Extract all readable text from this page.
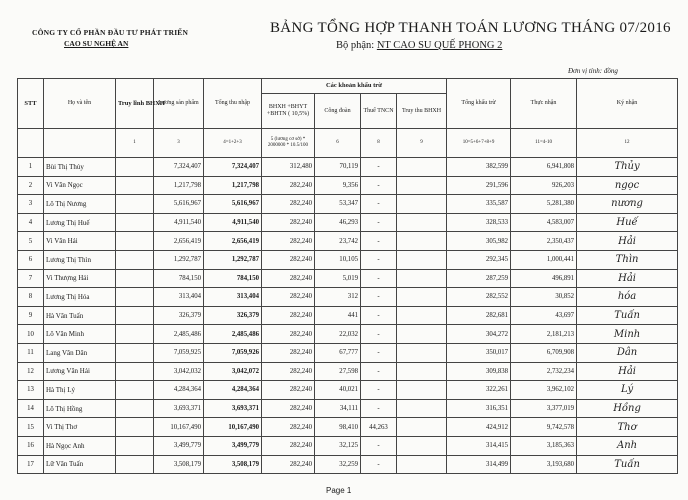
CÔNG TY CỔ PHẦN ĐẦU TƯ PHÁT TRIỂN
CAO SU NGHỆ AN
BẢNG TỔNG HỢP THANH TOÁN LƯƠNG THÁNG 07/2016
Bộ phận: NT CAO SU QUẾ PHONG 2
Đơn vị tính: đồng
STT	Họ và tên	Truy lĩnh BHXH	Lương sản phẩm	Tổng thu nhập	Các khoản khấu trừ				Tổng khấu trừ	Thực nhận	Ký nhận
					BHXH +BHYT +BHTN ( 10,5%)	Công đoàn	Thuế TNCN	Truy thu BHXH			
		1	3	4=1+2+3	5 (lương cơ sở) * 2000000 * 10.5/100	6	8	9	10=5+6+7+8+9	11=4-10	12
1	Bùi Thị Thủy		7,324,407	7,324,407	312,480	70,119	-		382,599	6,941,808	Thủy
2	Vi Văn Ngọc		1,217,798	1,217,798	282,240	9,356	-		291,596	926,203	ngọc
3	Lô Thị Nương		5,616,967	5,616,967	282,240	53,347	-		335,587	5,281,380	nương
4	Lương Thị Huế		4,911,540	4,911,540	282,240	46,293	-		328,533	4,583,007	Huế
5	Vi Văn Hải		2,656,419	2,656,419	282,240	23,742	-		305,982	2,350,437	Hải
6	Lương Thị Thìn		1,292,787	1,292,787	282,240	10,105	-		292,345	1,000,441	Thìn
7	Vi Thượng Hải		784,150	784,150	282,240	5,019	-		287,259	496,891	Hải
8	Lương Thị Hóa		313,404	313,404	282,240	312	-		282,552	30,852	hóa
9	Hà Văn Tuấn		326,379	326,379	282,240	441	-		282,681	43,697	Tuấn
10	Lô Văn Minh		2,485,486	2,485,486	282,240	22,032	-		304,272	2,181,213	Minh
11	Lang Văn Dân		7,059,925	7,059,926	282,240	67,777	-		350,017	6,709,908	Dân
12	Lương Văn Hải		3,042,032	3,042,072	282,240	27,598	-		309,838	2,732,234	Hải
13	Hà Thị Lý		4,284,364	4,284,364	282,240	40,021	-		322,261	3,962,102	Lý
14	Lô Thị Hồng		3,693,371	3,693,371	282,240	34,111	-		316,351	3,377,019	Hồng
15	Vi Thị Thơ		10,167,490	10,167,490	282,240	98,410	44,263		424,912	9,742,578	Thơ
16	Hà Ngọc Anh		3,499,779	3,499,779	282,240	32,125	-		314,415	3,185,363	Anh
17	Lữ Văn Tuấn		3,508,179	3,508,179	282,240	32,259	-		314,499	3,193,680	Tuấn
Page 1
